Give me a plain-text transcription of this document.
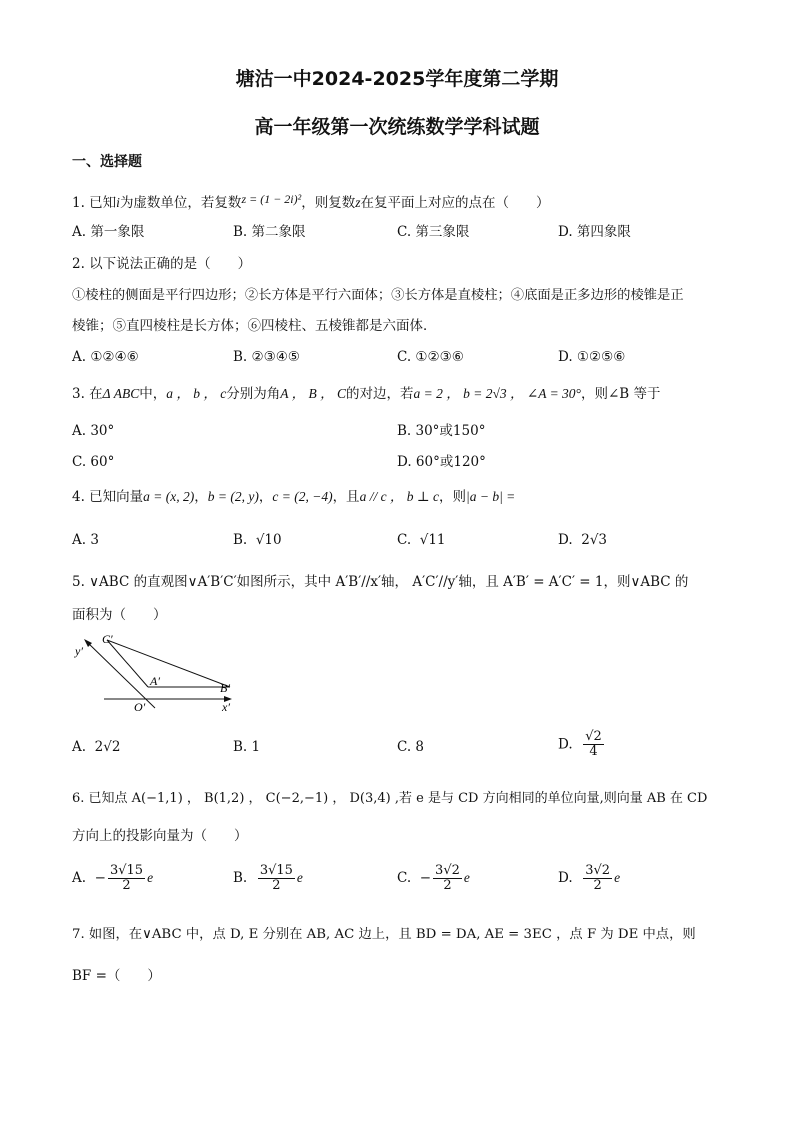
塘沽一中2024-2025学年度第二学期
高一年级第一次统练数学学科试题
一、选择题
1. 已知i为虚数单位，若复数z = (1 − 2i)²，则复数z在复平面上对应的点在（　　）
A. 第一象限	B. 第二象限	C. 第三象限	D. 第四象限
2. 以下说法正确的是（　　）
①棱柱的侧面是平行四边形；②长方体是平行六面体；③长方体是直棱柱；④底面是正多边形的棱锥是正
棱锥；⑤直四棱柱是长方体；⑥四棱柱、五棱锥都是六面体．
A. ①②④⑥	B. ②③④⑤	C. ①②③⑥	D. ①②⑤⑥
3. 在Δ ABC中，a ， b ， c分别为角A ， B ， C的对边，若a = 2 ， b = 2√3 ， ∠A = 30°，则∠B 等于
A. 30°	B. 30°或150°
C. 60°	D. 60°或120°
4. 已知向量a = (x, 2)，b = (2, y)，c = (2, −4)，且a // c ， b ⊥ c，则|a − b| =
A. 3	B. √10	C. √11	D. 2√3
5. ∨ABC 的直观图∨A′B′C′如图所示，其中 A′B′//x′轴， A′C′//y′轴，且 A′B′ = A′C′ = 1，则∨ABC 的
面积为（　　）
y′
C′
A′	B′
O′	x′
A. 2√2	B. 1	C. 8	D. $\frac{√2}{4}$
6. 已知点 A(−1,1) ， B(1,2) ， C(−2,−1) ， D(3,4) ,若 e 是与 CD 方向相同的单位向量,则向量 AB 在 CD
方向上的投影向量为（　　）
A. − $\frac{3√15}{2}$ e	B. $\frac{3√15}{2}$ e	C. − $\frac{3√2}{2}$ e	D. $\frac{3√2}{2}$ e
7. 如图，在∨ABC 中，点 D, E 分别在 AB, AC 边上，且 BD = DA, AE = 3EC ，点 F 为 DE 中点，则
BF =（　　）
